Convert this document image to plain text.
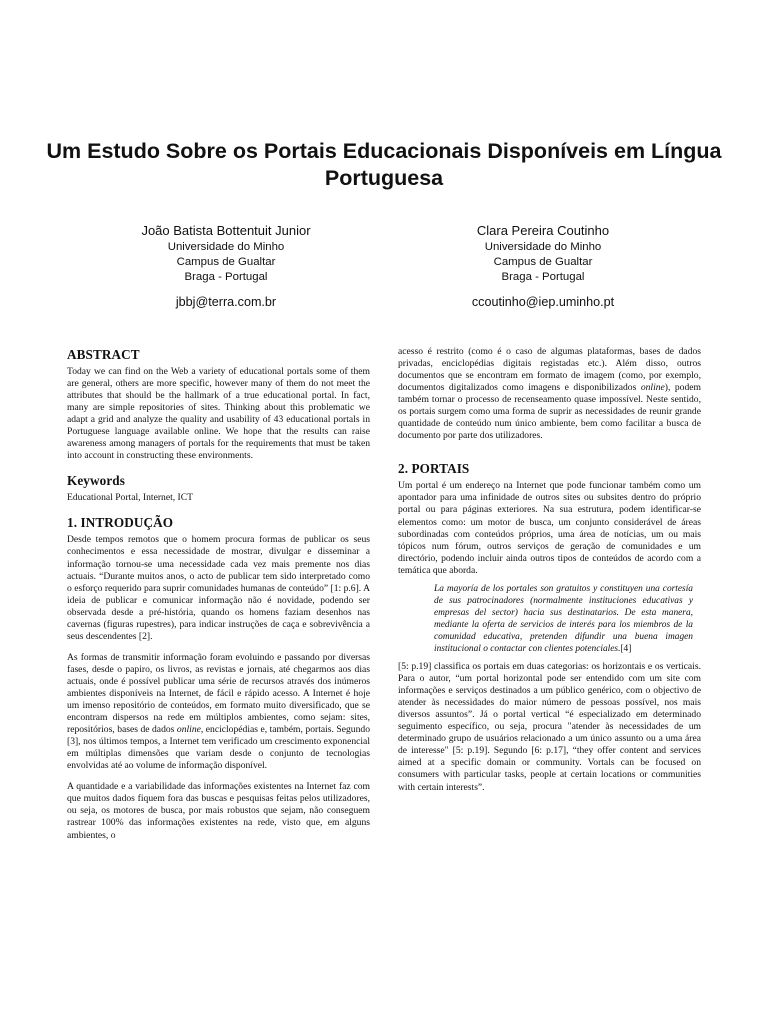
Um Estudo Sobre os Portais Educacionais Disponíveis em Língua Portuguesa
João Batista Bottentuit Junior
Universidade do Minho
Campus de Gualtar
Braga - Portugal
jbbj@terra.com.br
Clara Pereira Coutinho
Universidade do Minho
Campus de Gualtar
Braga - Portugal
ccoutinho@iep.uminho.pt
ABSTRACT

Today we can find on the Web a variety of educational portals some of them are general, others are more specific, however many of them do not meet the attributes that should be the hallmark of a true educational portal. In fact, many are simple repositories of sites. Thinking about this problematic we adapt a grid and analyze the quality and usability of 43 educational portals in Portuguese language available online. We hope that the results can raise awareness among managers of portals for the requirements that must be taken into account in constructing these environments.

Keywords

Educational Portal, Internet, ICT

1. INTRODUÇÃO

Desde tempos remotos que o homem procura formas de publicar os seus conhecimentos e essa necessidade de mostrar, divulgar e disseminar a informação tornou-se uma necessidade cada vez mais premente nos dias actuais. “Durante muitos anos, o acto de publicar tem sido interpretado como o esforço requerido para suprir comunidades humanas de conteúdo” [1: p.6]. A ideia de publicar e comunicar informação não é novidade, podendo ser observada desde a pré-história, quando os homens faziam desenhos nas cavernas (figuras rupestres), para indicar instruções de caça e sobrevivência a seus descendentes [2].

As formas de transmitir informação foram evoluindo e passando por diversas fases, desde o papiro, os livros, as revistas e jornais, até chegarmos aos dias actuais, onde é possível publicar uma série de recursos através dos inúmeros ambientes disponíveis na Internet, de fácil e rápido acesso. A Internet é hoje um imenso repositório de conteúdos, em formato muito diversificado, que se encontram dispersos na rede em múltiplos ambientes, como sejam: sites, repositórios, bases de dados online, enciclopédias e, também, portais. Segundo [3], nos últimos tempos, a Internet tem verificado um crescimento exponencial em múltiplas dimensões que variam desde o conjunto de tecnologias envolvidas até ao volume de informação disponível.

A quantidade e a variabilidade das informações existentes na Internet faz com que muitos dados fiquem fora das buscas e pesquisas feitas pelos utilizadores, ou seja, os motores de busca, por mais robustos que sejam, não conseguem rastrear 100% das informações existentes na rede, visto que, em alguns ambientes, o

acesso é restrito (como é o caso de algumas plataformas, bases de dados privadas, enciclopédias digitais registadas etc.). Além disso, outros documentos que se encontram em formato de imagem (como, por exemplo, documentos digitalizados como imagens e disponibilizados online), podem também tornar o processo de recenseamento quase impossível. Neste sentido, os portais surgem como uma forma de suprir as necessidades de reunir grande quantidade de conteúdo num único ambiente, bem como facilitar a busca de documento por parte dos utilizadores.

2. PORTAIS

Um portal é um endereço na Internet que pode funcionar também como um apontador para uma infinidade de outros sites ou subsites dentro do próprio portal ou para páginas exteriores. Na sua estrutura, podem identificar-se elementos como: um motor de busca, um conjunto considerável de áreas subordinadas com conteúdos próprios, uma área de notícias, um ou mais tópicos num fórum, outros serviços de geração de comunidades e um directório, podendo incluir ainda outros tipos de conteúdos de acordo com a temática que aborda.

La mayoría de los portales son gratuitos y constituyen una cortesía de sus patrocinadores (normalmente instituciones educativas y empresas del sector) hacia sus destinatarios. De esta manera, mediante la oferta de servicios de interés para los miembros de la comunidad educativa, pretenden difundir una buena imagen institucional o contactar con clientes potenciales.[4]

[5: p.19] classifica os portais em duas categorias: os horizontais e os verticais. Para o autor, “um portal horizontal pode ser entendido com um site com informações e serviços destinados a um público genérico, com o objectivo de atender às necessidades do maior número de pessoas possível, nos mais diversos assuntos”. Já o portal vertical “é especializado em determinado seguimento específico, ou seja, procura "atender às necessidades de um determinado grupo de usuários relacionado a um único assunto ou a uma área de interesse" [5: p.19]. Segundo [6: p.17], “they offer content and services aimed at a specific domain or community. Vortals can be focused on consumers with particular tasks, people at certain locations or communities with certain interests”.
